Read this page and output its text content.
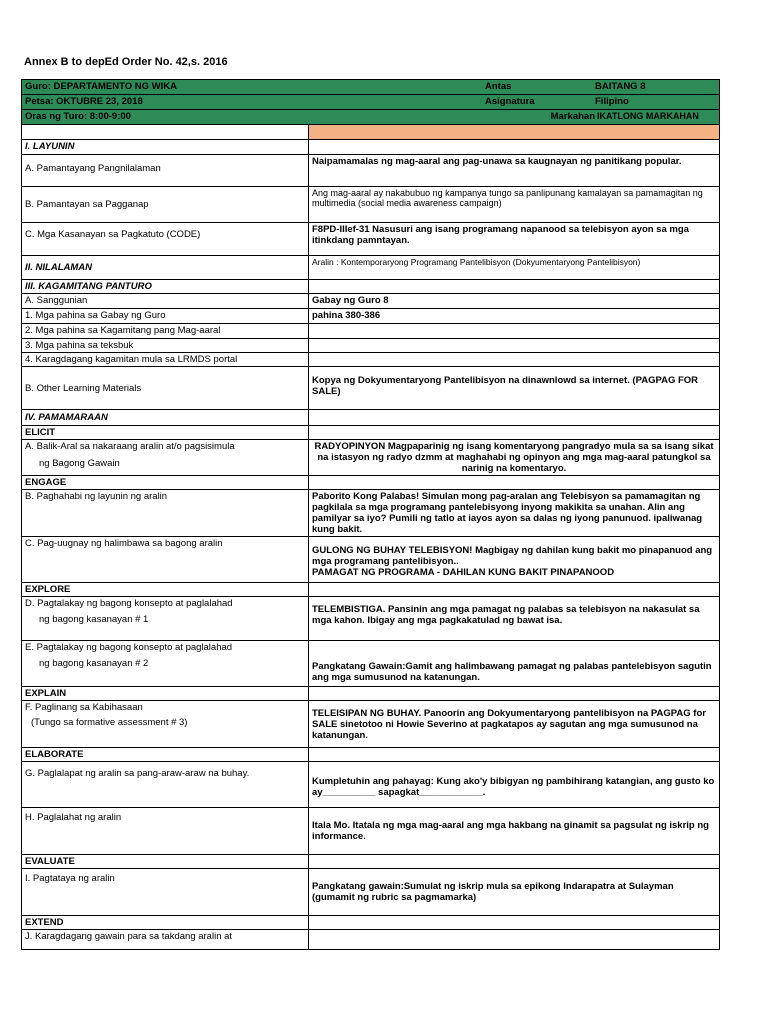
Annex B to depEd Order No. 42,s. 2016
Guro: DEPARTAMENTO NG WIKA Antas BAITANG 8	

Petsa: OKTUBRE 23, 2018 Asignatura Filipino	

Oras ng Turo: 8:00-9:00 Markahan IKATLONG MARKAHAN	

I. LAYUNIN	
A. Pamantayang Pangnilalaman	Naipamamalas ng mag-aaral ang pag-unawa sa kaugnayan ng panitikang popular.
B. Pamantayan sa Pagganap	Ang mag-aaral ay nakabubuo ng kampanya tungo sa panlipunang kamalayan sa pamamagitan ng multimedia (social media awareness campaign)
C. Mga Kasanayan sa Pagkatuto (CODE)	F8PD-IIIef-31 Nasusuri ang isang programang napanood sa telebisyon ayon sa mga itinkdang pamntayan.
II. NILALAMAN	Aralin : Kontemporaryong Programang Pantelibisyon (Dokyumentaryong Pantelibisyon)
III. KAGAMITANG PANTURO	
A. Sanggunian	Gabay ng Guro 8
1. Mga pahina sa Gabay ng Guro	pahina 380-386
2. Mga pahina sa Kagamitang pang Mag-aaral	
3. Mga pahina sa teksbuk	
4. Karagdagang kagamitan mula sa LRMDS portal	
B. Other Learning Materials	Kopya ng Dokyumentaryong Pantelibisyon na dinawnlowd sa internet. (PAGPAG FOR SALE)
IV. PAMAMARAAN	
ELICIT	
A. Balik-Aral sa nakaraang aralin at/o pagsisimula
ng Bagong Gawain	RADYOPINYON Magpaparinig ng isang komentaryong pangradyo mula sa sa isang sikat na istasyon ng radyo dzmm at maghahabi ng opinyon ang mga mag-aaral patungkol sa narinig na komentaryo.
ENGAGE	
B. Paghahabi ng layunin ng aralin	Paborito Kong Palabas! Simulan mong pag-aralan ang Telebisyon sa pamamagitan ng pagkilala sa mga programang pantelebisyong inyong makikita sa unahan. Alin ang pamilyar sa iyo? Pumili ng tatlo at iayos ayon sa dalas ng iyong panunuod. ipaliwanag kung bakit.
C. Pag-uugnay ng halimbawa sa bagong aralin	GULONG NG BUHAY TELEBISYON! Magbigay ng dahilan kung bakit mo pinapanuod ang mga programang pantelibisyon..
PAMAGAT NG PROGRAMA - DAHILAN KUNG BAKIT PINAPANOOD

EXPLORE	
D. Pagtalakay ng bagong konsepto at paglalahad
ng bagong kasanayan # 1	TELEMBISTIGA. Pansinin ang mga pamagat ng palabas sa telebisyon na nakasulat sa mga kahon. Ibigay ang mga pagkakatulad ng bawat isa.
E. Pagtalakay ng bagong konsepto at paglalahad
ng bagong kasanayan # 2	Pangkatang Gawain:Gamit ang halimbawang pamagat ng palabas pantelebisyon sagutin ang mga sumusunod na katanungan.
EXPLAIN	
F. Paglinang sa Kabihasaan
(Tungo sa formative assessment # 3)	TELEISIPAN NG BUHAY. Panoorin ang Dokyumentaryong pantelibisyon na PAGPAG for SALE sinetotoo ni Howie Severino at pagkatapos ay sagutan ang mga sumusunod na katanungan.
ELABORATE	
G. Paglalapat ng aralin sa pang-araw-araw na buhay.	Kumpletuhin ang pahayag: Kung ako'y bibigyan ng pambihirang katangian, ang gusto ko ay__________ sapagkat____________.
H. Paglalahat ng aralin	Itala Mo. Itatala ng mga mag-aaral ang mga hakbang na ginamit sa pagsulat ng iskrip ng informance.
EVALUATE	
I. Pagtataya ng aralin	Pangkatang gawain:Sumulat ng iskrip mula sa epikong Indarapatra at Sulayman (gumamit ng rubric sa pagmamarka)
EXTEND	
J. Karagdagang gawain para sa takdang aralin at	
